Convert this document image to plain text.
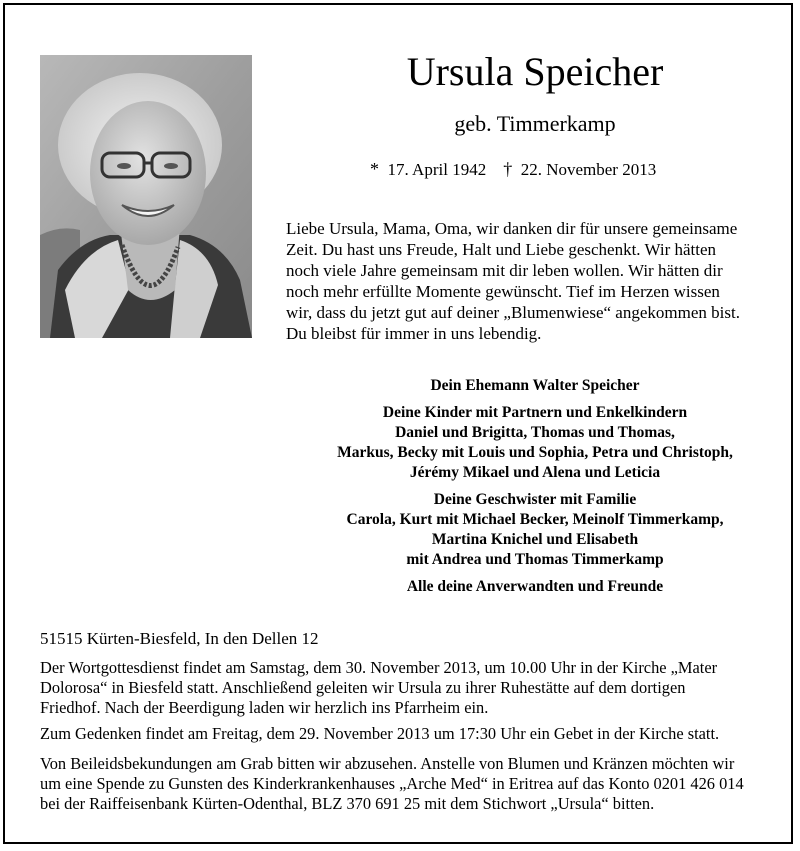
Ursula Speicher
geb. Timmerkamp
* 17. April 1942 † 22. November 2013
Liebe Ursula, Mama, Oma, wir danken dir für unsere gemeinsame
Zeit. Du hast uns Freude, Halt und Liebe geschenkt. Wir hätten
noch viele Jahre gemeinsam mit dir leben wollen. Wir hätten dir
noch mehr erfüllte Momente gewünscht. Tief im Herzen wissen
wir, dass du jetzt gut auf deiner „Blumenwiese“ angekommen bist.
Du bleibst für immer in uns lebendig.
Dein Ehemann Walter Speicher
Deine Kinder mit Partnern und Enkelkindern
Daniel und Brigitta, Thomas und Thomas,
Markus, Becky mit Louis und Sophia, Petra und Christoph,
Jérémy Mikael und Alena und Leticia
Deine Geschwister mit Familie
Carola, Kurt mit Michael Becker, Meinolf Timmerkamp,
Martina Knichel und Elisabeth
mit Andrea und Thomas Timmerkamp
Alle deine Anverwandten und Freunde
51515 Kürten-Biesfeld, In den Dellen 12
Der Wortgottesdienst findet am Samstag, dem 30. November 2013, um 10.00 Uhr in der Kirche „Mater
Dolorosa“ in Biesfeld statt. Anschließend geleiten wir Ursula zu ihrer Ruhestätte auf dem dortigen
Friedhof. Nach der Beerdigung laden wir herzlich ins Pfarrheim ein.
Zum Gedenken findet am Freitag, dem 29. November 2013 um 17:30 Uhr ein Gebet in der Kirche statt.
Von Beileidsbekundungen am Grab bitten wir abzusehen. Anstelle von Blumen und Kränzen möchten wir
um eine Spende zu Gunsten des Kinderkrankenhauses „Arche Med“ in Eritrea auf das Konto 0201 426 014
bei der Raiffeisenbank Kürten-Odenthal, BLZ 370 691 25 mit dem Stichwort „Ursula“ bitten.
